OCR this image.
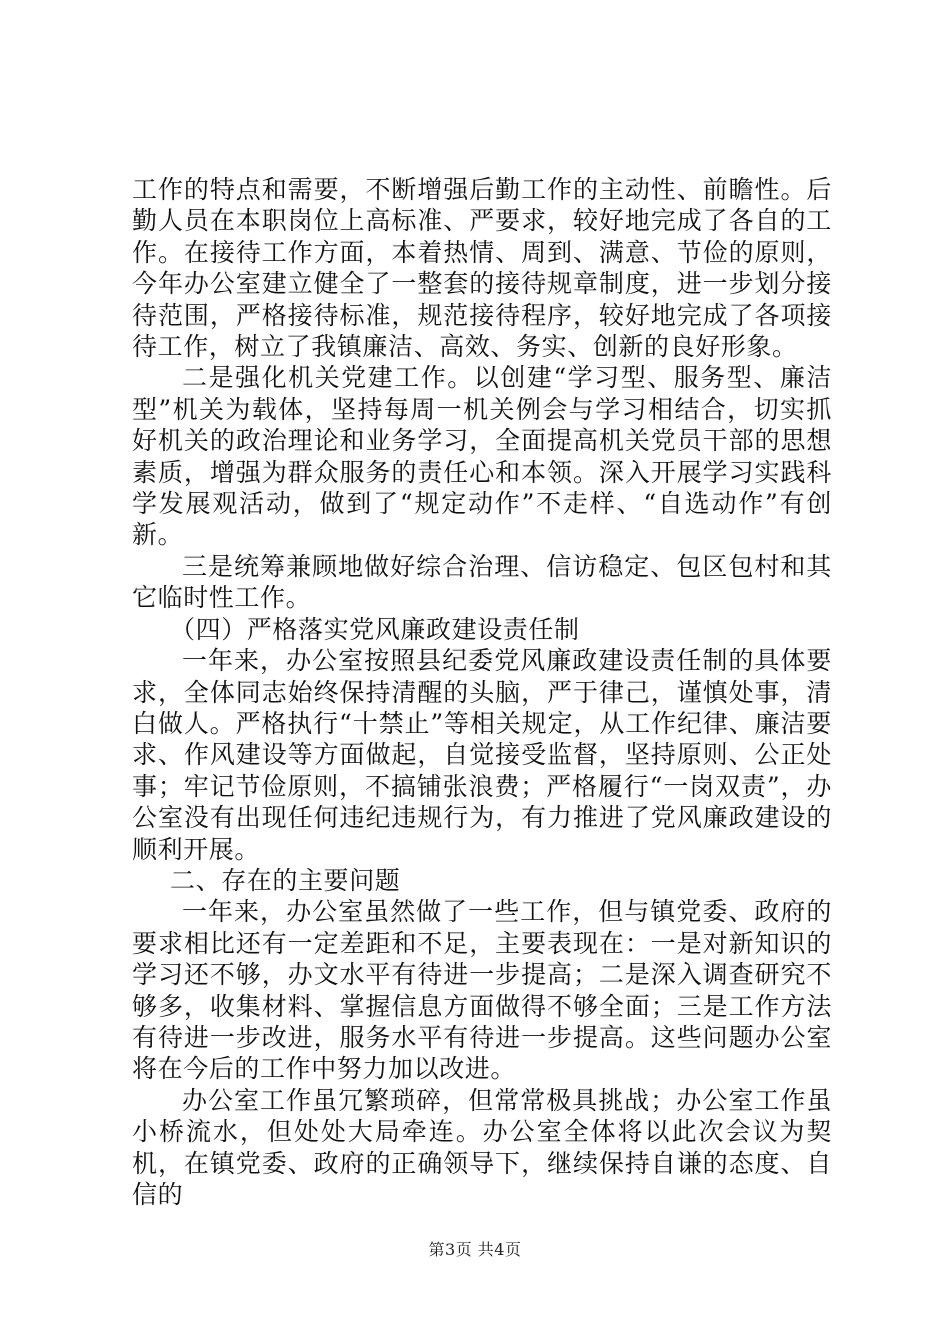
工作的特点和需要，不断增强后勤工作的主动性、前瞻性。后勤人员在本职岗位上高标准、严要求，较好地完成了各自的工作。在接待工作方面，本着热情、周到、满意、节俭的原则，今年办公室建立健全了一整套的接待规章制度，进一步划分接待范围，严格接待标准，规范接待程序，较好地完成了各项接待工作，树立了我镇廉洁、高效、务实、创新的良好形象。

二是强化机关党建工作。以创建“学习型、服务型、廉洁型”机关为载体，坚持每周一机关例会与学习相结合，切实抓好机关的政治理论和业务学习，全面提高机关党员干部的思想素质，增强为群众服务的责任心和本领。深入开展学习实践科学发展观活动，做到了“规定动作”不走样、“自选动作”有创新。

三是统筹兼顾地做好综合治理、信访稳定、包区包村和其它临时性工作。

（四）严格落实党风廉政建设责任制

一年来，办公室按照县纪委党风廉政建设责任制的具体要求，全体同志始终保持清醒的头脑，严于律己，谨慎处事，清白做人。严格执行“十禁止”等相关规定，从工作纪律、廉洁要求、作风建设等方面做起，自觉接受监督，坚持原则、公正处事；牢记节俭原则，不搞铺张浪费；严格履行“一岗双责”，办公室没有出现任何违纪违规行为，有力推进了党风廉政建设的顺利开展。

二、存在的主要问题

一年来，办公室虽然做了一些工作，但与镇党委、政府的要求相比还有一定差距和不足，主要表现在：一是对新知识的学习还不够，办文水平有待进一步提高；二是深入调查研究不够多，收集材料、掌握信息方面做得不够全面；三是工作方法有待进一步改进，服务水平有待进一步提高。这些问题办公室将在今后的工作中努力加以改进。

办公室工作虽冗繁琐碎，但常常极具挑战；办公室工作虽小桥流水，但处处大局牵连。办公室全体将以此次会议为契机，在镇党委、政府的正确领导下，继续保持自谦的态度、自信的

第3页 共4页
